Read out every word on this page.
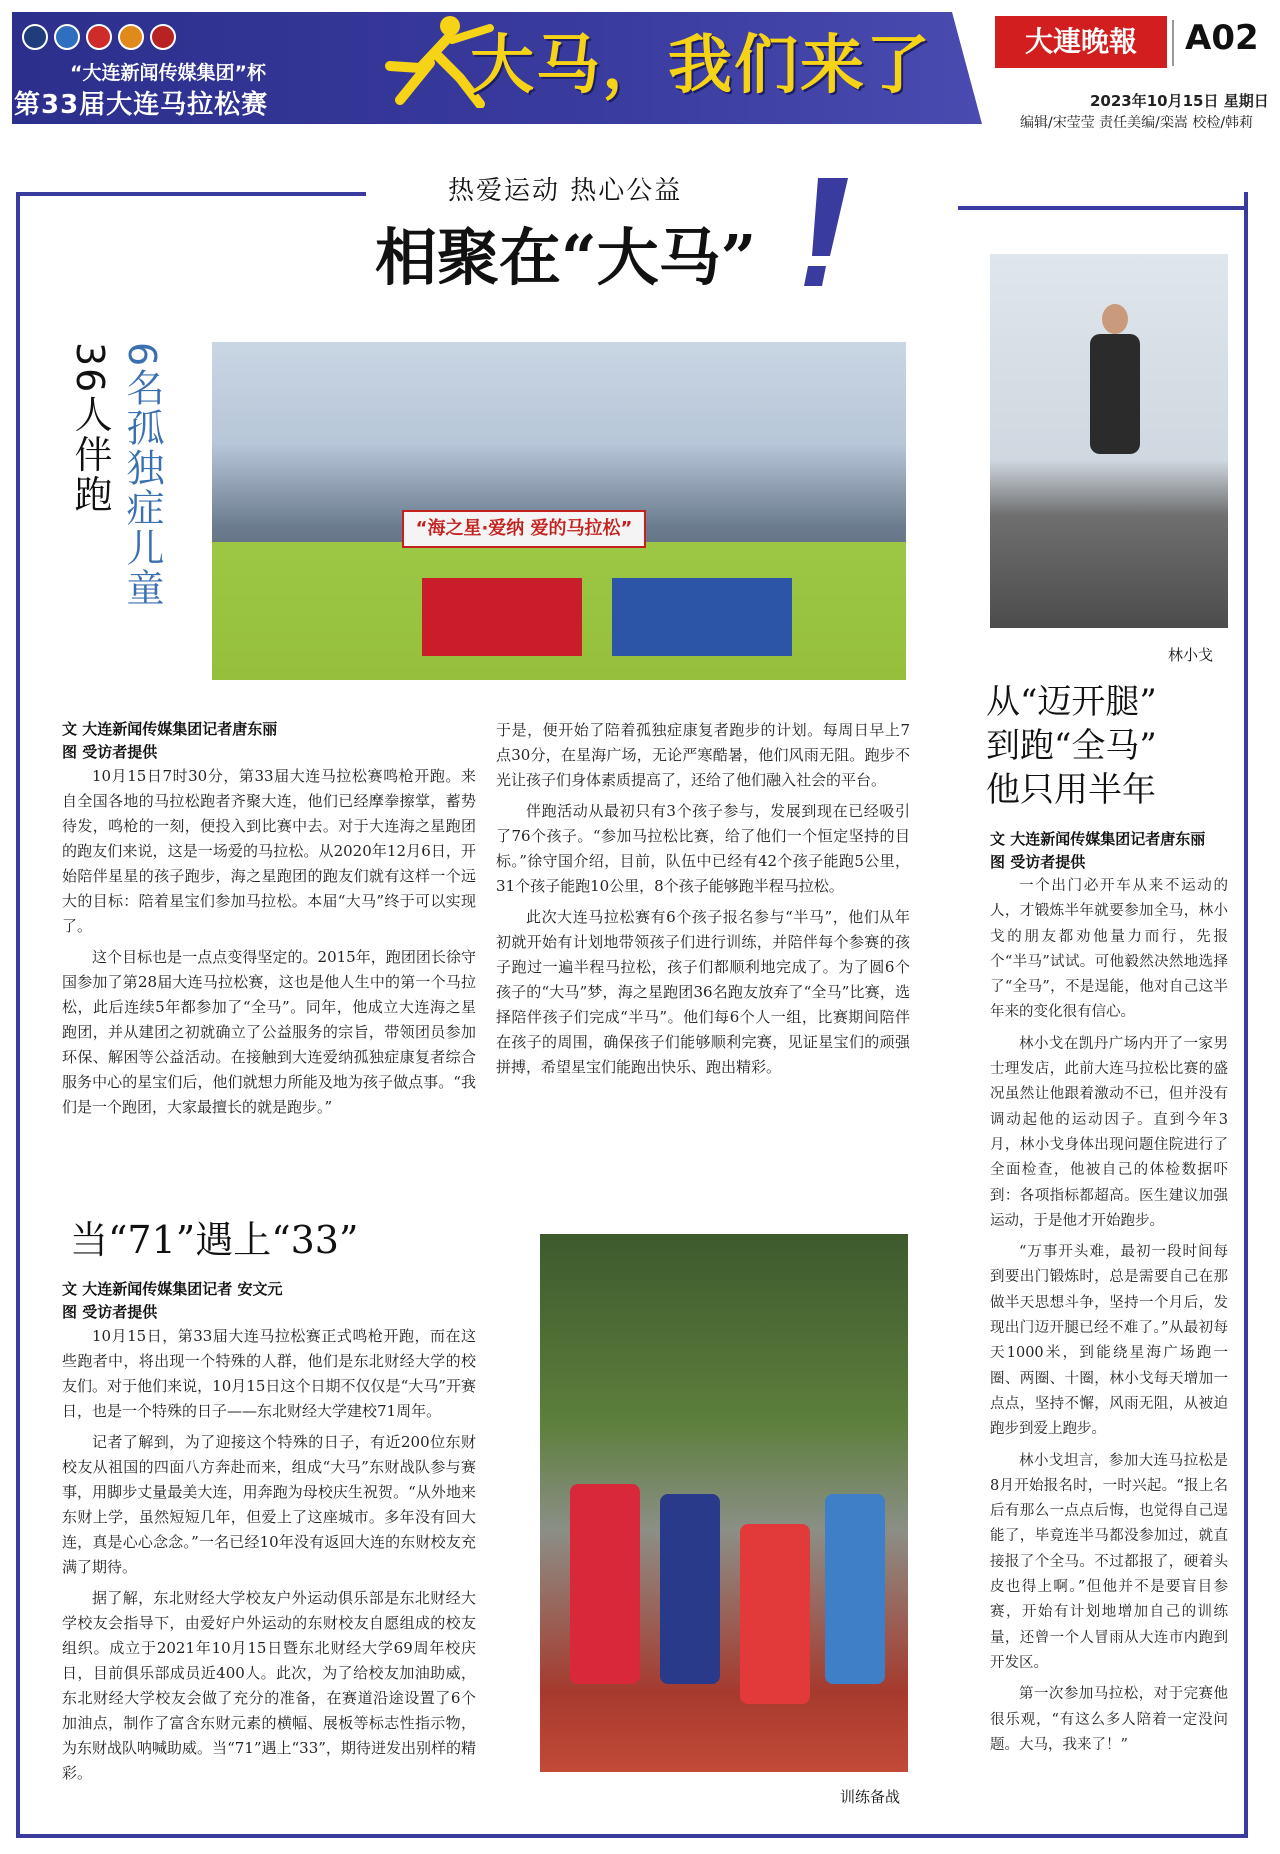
“大连新闻传媒集团”杯
第33届大连马拉松赛
大马，我们来了	大連晚報	A02
2023年10月15日 星期日
编辑/宋莹莹 责任美编/栾嵩 校检/韩莉
热爱运动 热心公益
相聚在“大马”
6名孤独症儿童
36人伴跑
“海之星·爱纳 爱的马拉松”
林小戈
文 大连新闻传媒集团记者唐东丽
图 受访者提供

10月15日7时30分，第33届大连马拉松赛鸣枪开跑。来自全国各地的马拉松跑者齐聚大连，他们已经摩拳擦掌，蓄势待发，鸣枪的一刻，便投入到比赛中去。对于大连海之星跑团的跑友们来说，这是一场爱的马拉松。从2020年12月6日，开始陪伴星星的孩子跑步，海之星跑团的跑友们就有这样一个远大的目标：陪着星宝们参加马拉松。本届“大马”终于可以实现了。

这个目标也是一点点变得坚定的。2015年，跑团团长徐守国参加了第28届大连马拉松赛，这也是他人生中的第一个马拉松，此后连续5年都参加了“全马”。同年，他成立大连海之星跑团，并从建团之初就确立了公益服务的宗旨，带领团员参加环保、解困等公益活动。在接触到大连爱纳孤独症康复者综合服务中心的星宝们后，他们就想力所能及地为孩子做点事。“我们是一个跑团，大家最擅长的就是跑步。”

于是，便开始了陪着孤独症康复者跑步的计划。每周日早上7点30分，在星海广场，无论严寒酷暑，他们风雨无阻。跑步不光让孩子们身体素质提高了，还给了他们融入社会的平台。

伴跑活动从最初只有3个孩子参与，发展到现在已经吸引了76个孩子。“参加马拉松比赛，给了他们一个恒定坚持的目标。”徐守国介绍，目前，队伍中已经有42个孩子能跑5公里，31个孩子能跑10公里，8个孩子能够跑半程马拉松。

此次大连马拉松赛有6个孩子报名参与“半马”，他们从年初就开始有计划地带领孩子们进行训练，并陪伴每个参赛的孩子跑过一遍半程马拉松，孩子们都顺利地完成了。为了圆6个孩子的“大马”梦，海之星跑团36名跑友放弃了“全马”比赛，选择陪伴孩子们完成“半马”。他们每6个人一组，比赛期间陪伴在孩子的周围，确保孩子们能够顺利完赛，见证星宝们的顽强拼搏，希望星宝们能跑出快乐、跑出精彩。

当“71”遇上“33”
文 大连新闻传媒集团记者 安文元
图 受访者提供

10月15日，第33届大连马拉松赛正式鸣枪开跑，而在这些跑者中，将出现一个特殊的人群，他们是东北财经大学的校友们。对于他们来说，10月15日这个日期不仅仅是“大马”开赛日，也是一个特殊的日子——东北财经大学建校71周年。

记者了解到，为了迎接这个特殊的日子，有近200位东财校友从祖国的四面八方奔赴而来，组成“大马”东财战队参与赛事，用脚步丈量最美大连，用奔跑为母校庆生祝贺。“从外地来东财上学，虽然短短几年，但爱上了这座城市。多年没有回大连，真是心心念念。”一名已经10年没有返回大连的东财校友充满了期待。

据了解，东北财经大学校友户外运动俱乐部是东北财经大学校友会指导下，由爱好户外运动的东财校友自愿组成的校友组织。成立于2021年10月15日暨东北财经大学69周年校庆日，目前俱乐部成员近400人。此次，为了给校友加油助威，东北财经大学校友会做了充分的准备，在赛道沿途设置了6个加油点，制作了富含东财元素的横幅、展板等标志性指示物，为东财战队呐喊助威。当“71”遇上“33”，期待迸发出别样的精彩。

训练备战
从“迈开腿”
到跑“全马”
他只用半年
文 大连新闻传媒集团记者唐东丽
图 受访者提供

一个出门必开车从来不运动的人，才锻炼半年就要参加全马，林小戈的朋友都劝他量力而行，先报个“半马”试试。可他毅然决然地选择了“全马”，不是逞能，他对自己这半年来的变化很有信心。

林小戈在凯丹广场内开了一家男士理发店，此前大连马拉松比赛的盛况虽然让他跟着激动不已，但并没有调动起他的运动因子。直到今年3月，林小戈身体出现问题住院进行了全面检查，他被自己的体检数据吓到：各项指标都超高。医生建议加强运动，于是他才开始跑步。

“万事开头难，最初一段时间每到要出门锻炼时，总是需要自己在那做半天思想斗争，坚持一个月后，发现出门迈开腿已经不难了。”从最初每天1000米，到能绕星海广场跑一圈、两圈、十圈，林小戈每天增加一点点，坚持不懈，风雨无阻，从被迫跑步到爱上跑步。

林小戈坦言，参加大连马拉松是8月开始报名时，一时兴起。“报上名后有那么一点点后悔，也觉得自己逞能了，毕竟连半马都没参加过，就直接报了个全马。不过都报了，硬着头皮也得上啊。”但他并不是要盲目参赛，开始有计划地增加自己的训练量，还曾一个人冒雨从大连市内跑到开发区。

第一次参加马拉松，对于完赛他很乐观，“有这么多人陪着一定没问题。大马，我来了！”
